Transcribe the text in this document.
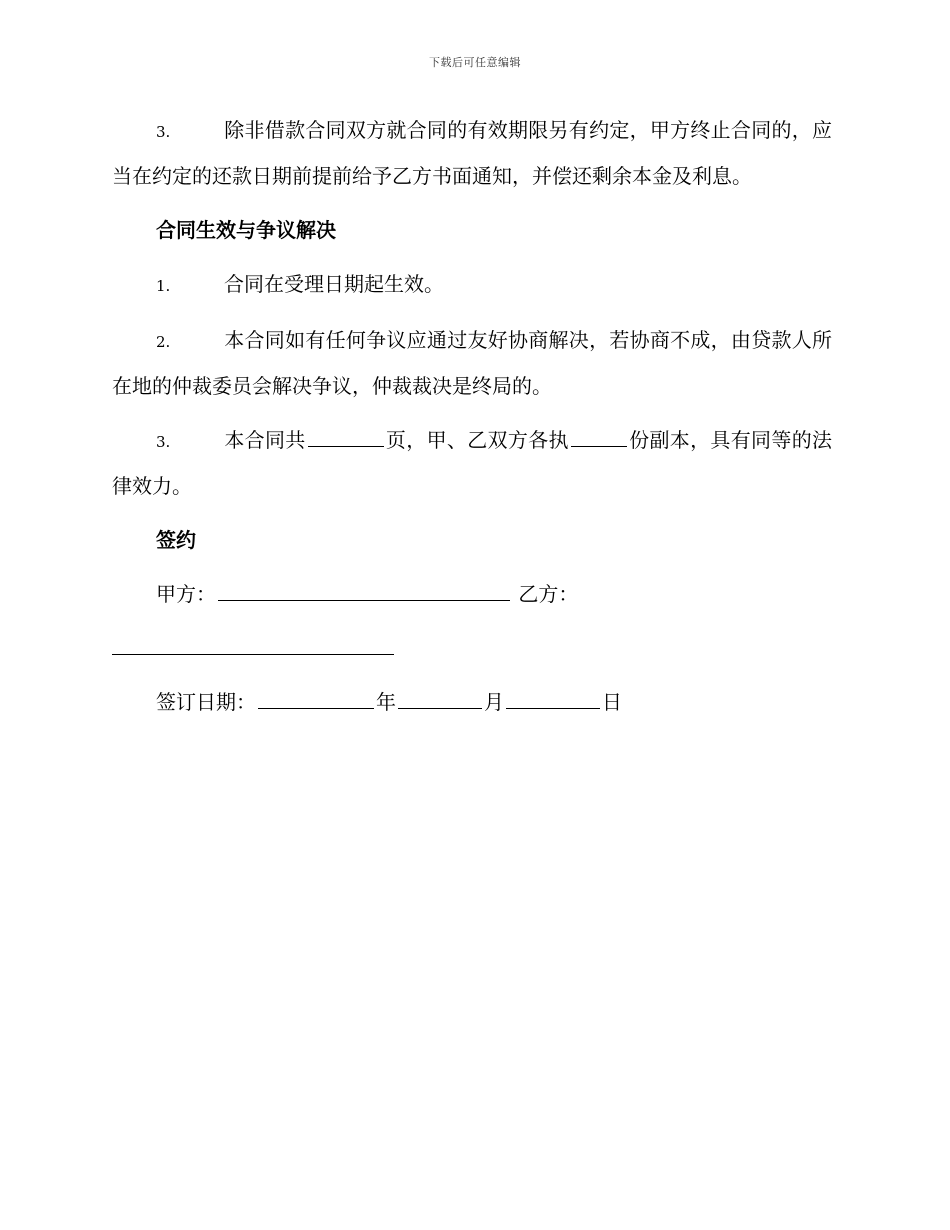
下载后可任意编辑

3.	除非借款合同双方就合同的有效期限另有约定，甲方终止合同的，应当在约定的还款日期前提前给予乙方书面通知，并偿还剩余本金及利息。

合同生效与争议解决

1.	合同在受理日期起生效。

2.	本合同如有任何争议应通过友好协商解决，若协商不成，由贷款人所在地的仲裁委员会解决争议，仲裁裁决是终局的。

3.	本合同共	页，甲、乙双方各执	份副本，具有同等的法律效力。

签约
甲方：	乙方：
签订日期：	年	月	日
